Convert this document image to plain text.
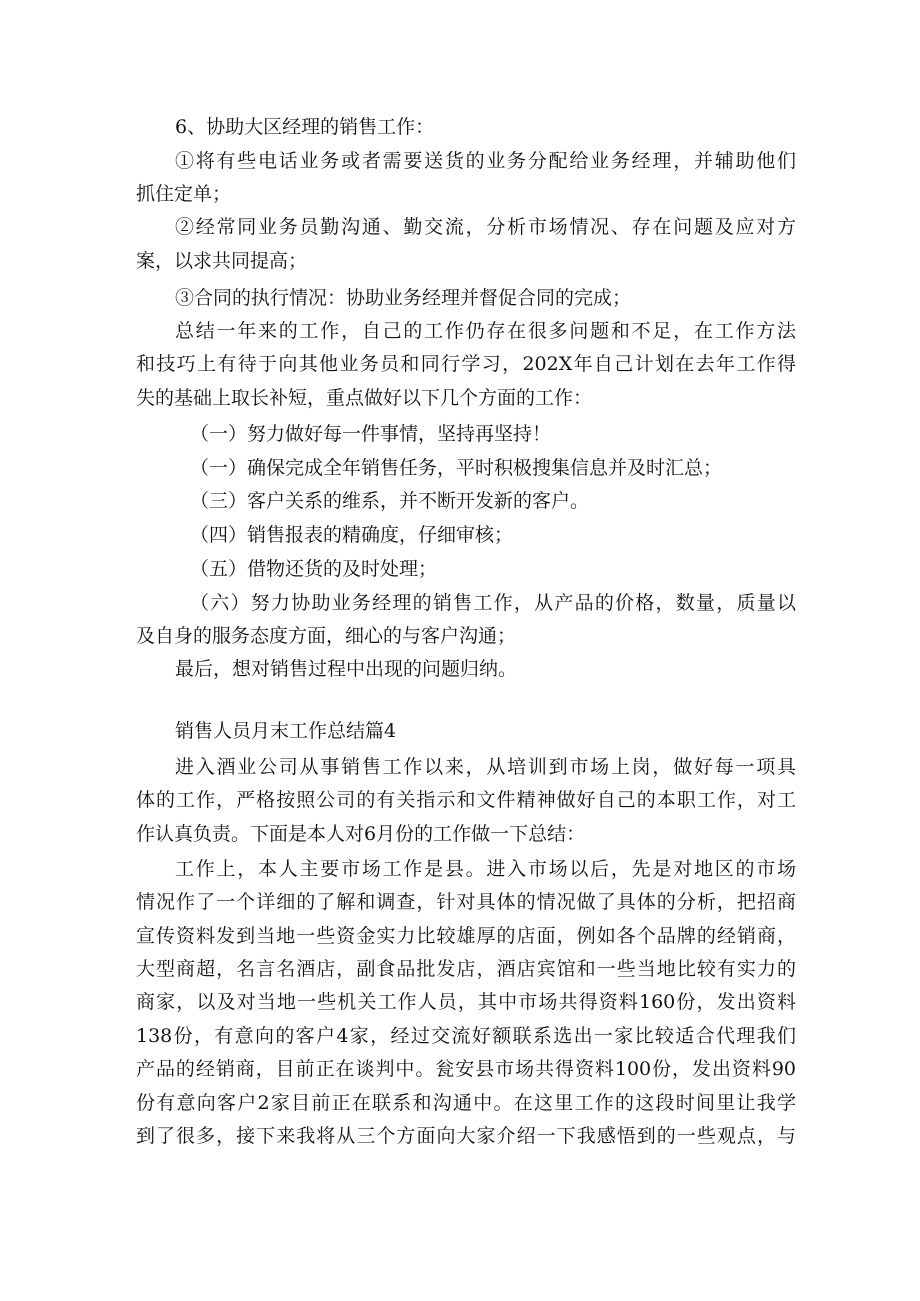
6、协助大区经理的销售工作：
①将有些电话业务或者需要送货的业务分配给业务经理，并辅助他们
抓住定单；
②经常同业务员勤沟通、勤交流，分析市场情况、存在问题及应对方
案，以求共同提高；
③合同的执行情况：协助业务经理并督促合同的完成；
总结一年来的工作，自己的工作仍存在很多问题和不足，在工作方法
和技巧上有待于向其他业务员和同行学习，202X年自己计划在去年工作得
失的基础上取长补短，重点做好以下几个方面的工作：
（一）努力做好每一件事情，坚持再坚持！
（一）确保完成全年销售任务，平时积极搜集信息并及时汇总；
（三）客户关系的维系，并不断开发新的客户。
（四）销售报表的精确度，仔细审核；
（五）借物还货的及时处理；
（六）努力协助业务经理的销售工作，从产品的价格，数量，质量以
及自身的服务态度方面，细心的与客户沟通；
最后，想对销售过程中出现的问题归纳。
销售人员月末工作总结篇4
进入酒业公司从事销售工作以来，从培训到市场上岗，做好每一项具
体的工作，严格按照公司的有关指示和文件精神做好自己的本职工作，对工
作认真负责。下面是本人对6月份的工作做一下总结：
工作上，本人主要市场工作是县。进入市场以后，先是对地区的市场
情况作了一个详细的了解和调查，针对具体的情况做了具体的分析，把招商
宣传资料发到当地一些资金实力比较雄厚的店面，例如各个品牌的经销商，
大型商超，名言名酒店，副食品批发店，酒店宾馆和一些当地比较有实力的
商家，以及对当地一些机关工作人员，其中市场共得资料160份，发出资料
138份，有意向的客户4家，经过交流好额联系选出一家比较适合代理我们
产品的经销商，目前正在谈判中。瓮安县市场共得资料100份，发出资料90
份有意向客户2家目前正在联系和沟通中。在这里工作的这段时间里让我学
到了很多，接下来我将从三个方面向大家介绍一下我感悟到的一些观点，与
